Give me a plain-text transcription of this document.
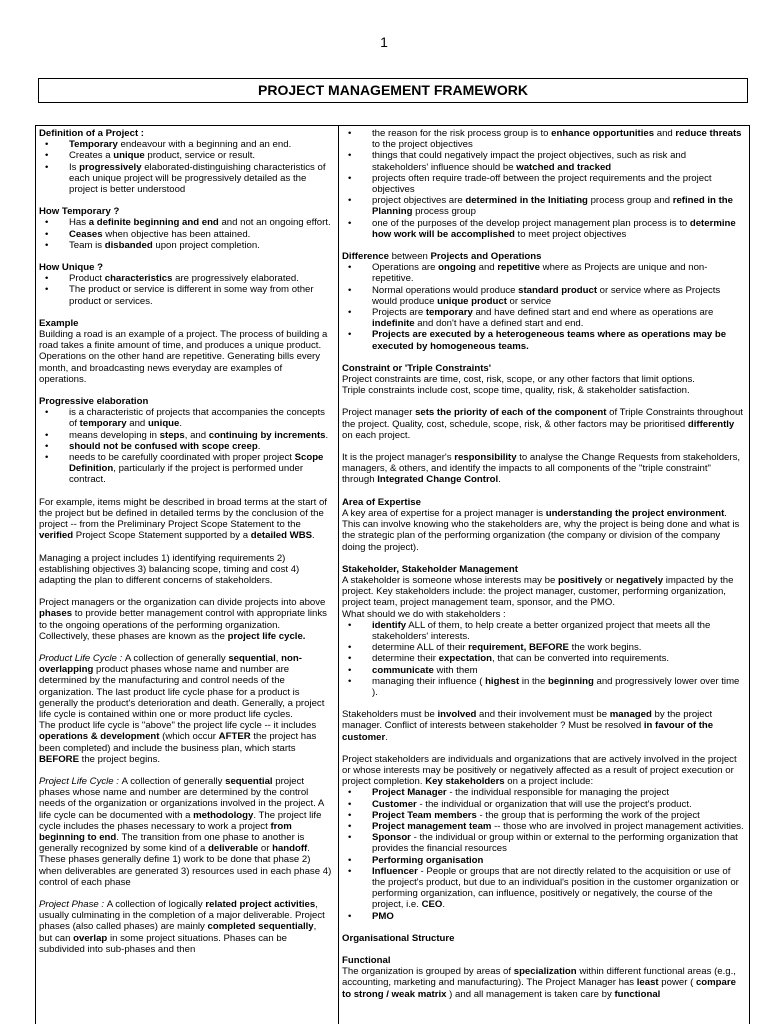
1
PROJECT MANAGEMENT FRAMEWORK

Definition of a Project :

• Temporary endeavour with a beginning and an end.
• Creates a unique product, service or result.
• Is progressively elaborated-distinguishing characteristics of each unique project will be progressively detailed as the project is better understood

How Temporary ?

• Has a definite beginning and end and not an ongoing effort.
• Ceases when objective has been attained.
• Team is disbanded upon project completion.

How Unique ?

• Product characteristics are progressively elaborated.
• The product or service is different in some way from other product or services.

Example

Building a road is an example of a project. The process of building a road takes a finite amount of time, and produces a unique product. Operations on the other hand are repetitive. Generating bills every month, and broadcasting news everyday are examples of operations.

Progressive elaboration

• is a characteristic of projects that accompanies the concepts of temporary and unique.
• means developing in steps, and continuing by increments.
• should not be confused with scope creep.
• needs to be carefully coordinated with proper project Scope Definition, particularly if the project is performed under contract.

For example, items might be described in broad terms at the start of the project but be defined in detailed terms by the conclusion of the project -- from the Preliminary Project Scope Statement to the verified Project Scope Statement supported by a detailed WBS.

Managing a project includes 1) identifying requirements 2) establishing objectives 3) balancing scope, timing and cost 4) adapting the plan to different concerns of stakeholders.

Project managers or the organization can divide projects into above phases to provide better management control with appropriate links to the ongoing operations of the performing organization. Collectively, these phases are known as the project life cycle.

Product Life Cycle : A collection of generally sequential, non-overlapping product phases whose name and number are determined by the manufacturing and control needs of the organization. The last product life cycle phase for a product is generally the product's deterioration and death. Generally, a project life cycle is contained within one or more product life cycles.

The product life cycle is "above" the project life cycle -- it includes operations & development (which occur AFTER the project has been completed) and include the business plan, which starts BEFORE the project begins.

Project Life Cycle : A collection of generally sequential project phases whose name and number are determined by the control needs of the organization or organizations involved in the project. A life cycle can be documented with a methodology. The project life cycle includes the phases necessary to work a project from beginning to end. The transition from one phase to another is generally recognized by some kind of a deliverable or handoff. These phases generally define 1) work to be done that phase 2) when deliverables are generated 3) resources used in each phase 4) control of each phase

Project Phase : A collection of logically related project activities, usually culminating in the completion of a major deliverable. Project phases (also called phases) are mainly completed sequentially, but can overlap in some project situations. Phases can be subdivided into sub-phases and then

• the reason for the risk process group is to enhance opportunities and reduce threats to the project objectives
• things that could negatively impact the project objectives, such as risk and stakeholders' influence should be watched and tracked
• projects often require trade-off between the project requirements and the project objectives
• project objectives are determined in the Initiating process group and refined in the Planning process group
• one of the purposes of the develop project management plan process is to determine how work will be accomplished to meet project objectives

Difference between Projects and Operations

• Operations are ongoing and repetitive where as Projects are unique and non-repetitive.
• Normal operations would produce standard product or service where as Projects would produce unique product or service
• Projects are temporary and have defined start and end where as operations are indefinite and don't have a defined start and end.
• Projects are executed by a heterogeneous teams where as operations may be executed by homogeneous teams.

Constraint or 'Triple Constraints'

Project constraints are time, cost, risk, scope, or any other factors that limit options.

Triple constraints include cost, scope time, quality, risk, & stakeholder satisfaction.

Project manager sets the priority of each of the component of Triple Constraints throughout the project. Quality, cost, schedule, scope, risk, & other factors may be prioritised differently on each project.

It is the project manager's responsibility to analyse the Change Requests from stakeholders, managers, & others, and identify the impacts to all components of the "triple constraint" through Integrated Change Control.

Area of Expertise

A key area of expertise for a project manager is understanding the project environment. This can involve knowing who the stakeholders are, why the project is being done and what is the strategic plan of the performing organization (the company or division of the company doing the project).

Stakeholder, Stakeholder Management

A stakeholder is someone whose interests may be positively or negatively impacted by the project. Key stakeholders include: the project manager, customer, performing organization, project team, project management team, sponsor, and the PMO.

What should we do with stakeholders :

• identify ALL of them, to help create a better organized project that meets all the stakeholders' interests.
• determine ALL of their requirement, BEFORE the work begins.
• determine their expectation, that can be converted into requirements.
• communicate with them
• managing their influence ( highest in the beginning and progressively lower over time ).

Stakeholders must be involved and their involvement must be managed by the project manager. Conflict of interests between stakeholder ? Must be resolved in favour of the customer.

Project stakeholders are individuals and organizations that are actively involved in the project or whose interests may be positively or negatively affected as a result of project execution or project completion. Key stakeholders on a project include:

• Project Manager - the individual responsible for managing the project
• Customer - the individual or organization that will use the project's product.
• Project Team members - the group that is performing the work of the project
• Project management team -- those who are involved in project management activities.
• Sponsor - the individual or group within or external to the performing organization that provides the financial resources
• Performing organisation
• Influencer - People or groups that are not directly related to the acquisition or use of the project's product, but due to an individual's position in the customer organization or performing organization, can influence, positively or negatively, the course of the project, i.e. CEO.
• PMO

Organisational Structure

Functional

The organization is grouped by areas of specialization within different functional areas (e.g., accounting, marketing and manufacturing). The Project Manager has least power ( compare to strong / weak matrix ) and all management is taken care by functional
